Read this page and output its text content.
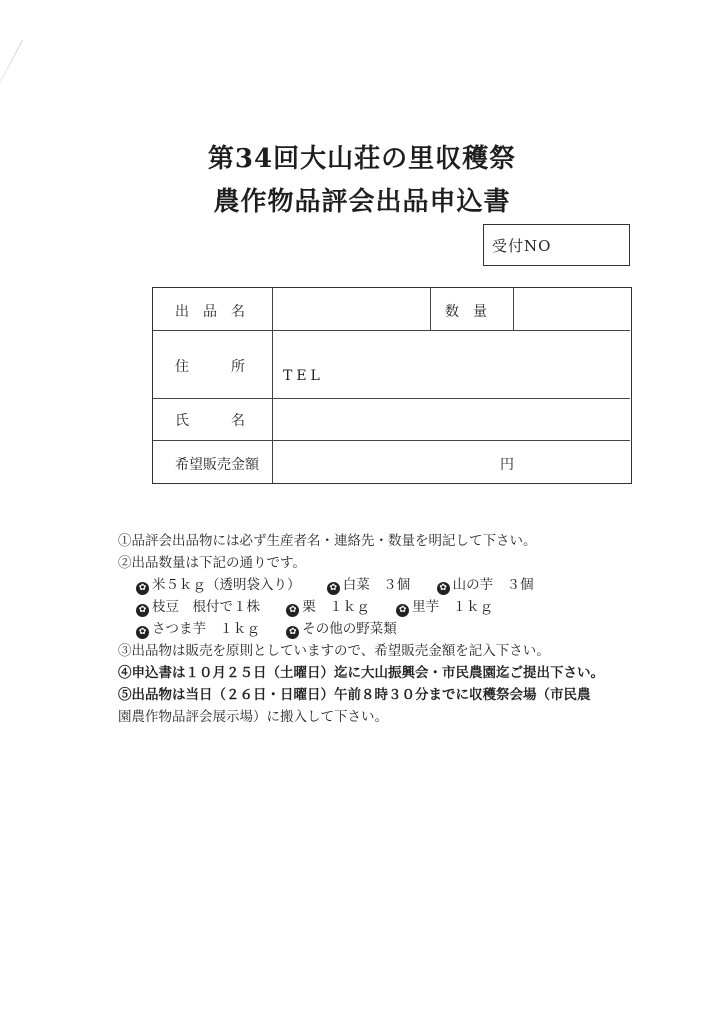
第34回大山荘の里収穫祭
農作物品評会出品申込書
受付NO
出　品　名	数　量
住　　　所
TEL
氏　　　名
希望販売金額	円
①品評会出品物には必ず生産者名・連絡先・数量を明記して下さい。
②出品数量は下記の通りです。
✿ 米５ｋｇ（透明袋入り）	✿ 白菜　３個	✿ 山の芋　３個
✿ 枝豆　根付で１株	✿ 栗　１ｋｇ	✿ 里芋　１ｋｇ
✿ さつま芋　１ｋｇ	✿ その他の野菜類
③出品物は販売を原則としていますので、希望販売金額を記入下さい。
④申込書は１０月２５日（土曜日）迄に大山振興会・市民農園迄ご提出下さい。
⑤出品物は当日（２６日・日曜日）午前８時３０分までに収穫祭会場（市民農
園農作物品評会展示場）に搬入して下さい。
